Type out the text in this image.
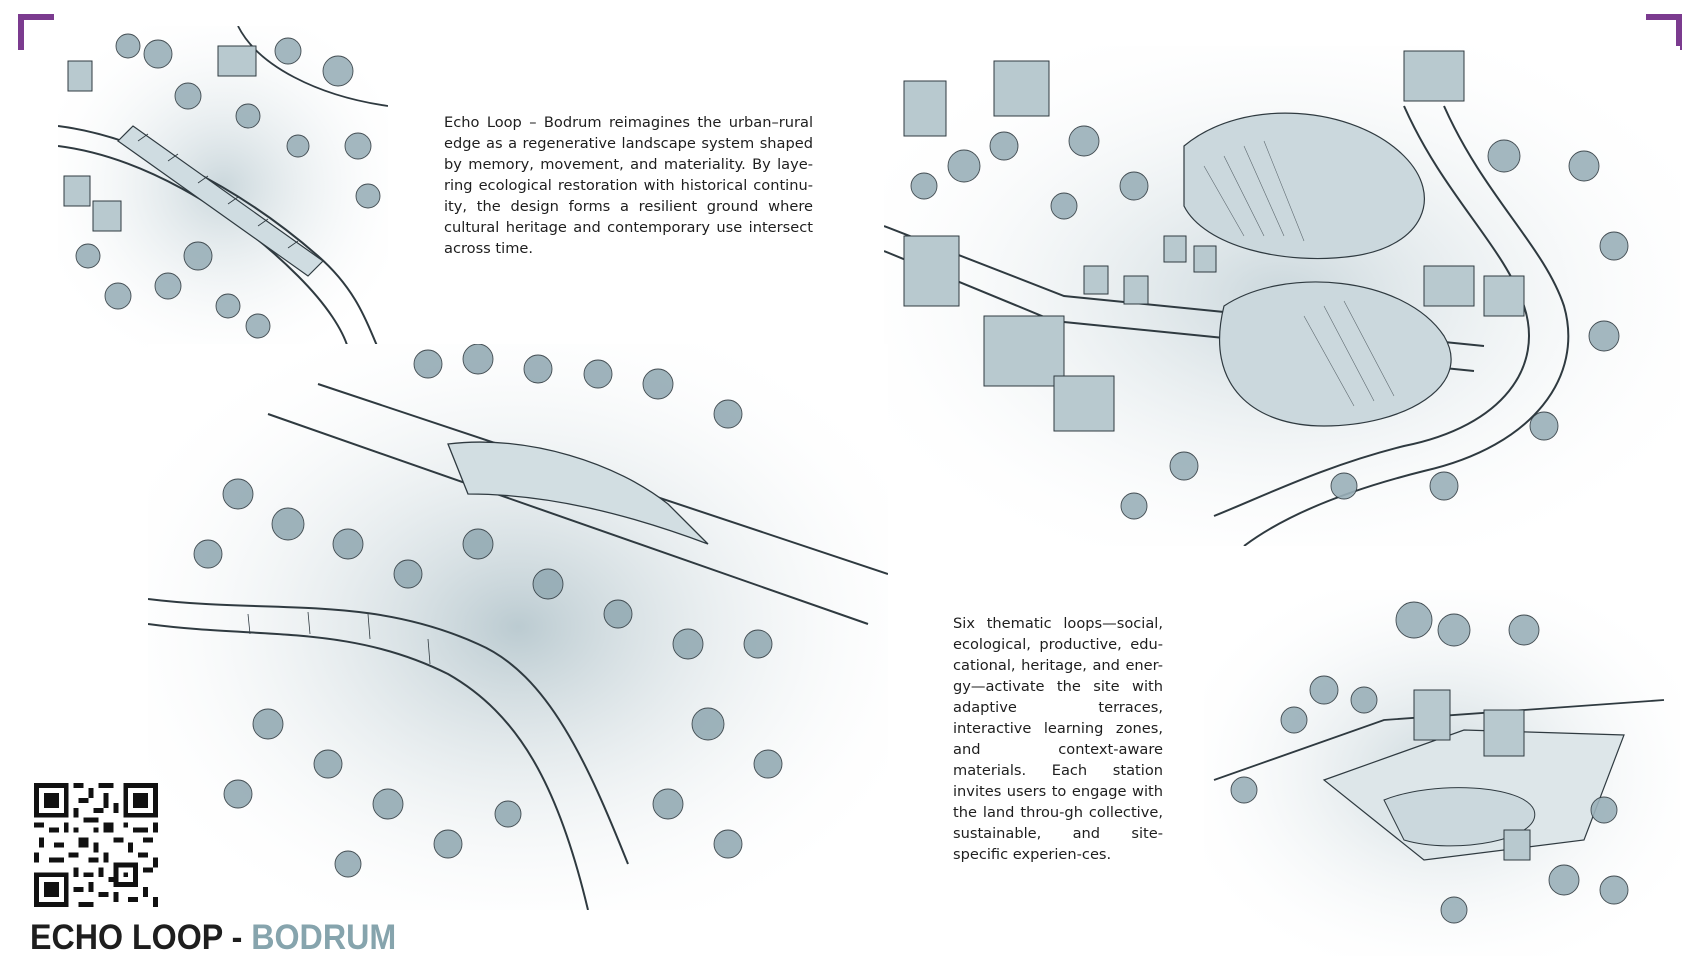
Echo Loop – Bodrum reimagines the urban–rural edge as a regenerative landscape system shaped by memory, movement, and materiality. By laye-ring ecological restoration with historical continu-ity, the design forms a resilient ground where cultural heritage and contemporary use intersect across time.

Six thematic loops—social, ecological, productive, edu-cational, heritage, and ener-gy—activate the site with adaptive terraces, interactive learning zones, and context-aware materials. Each station invites users to engage with the land throu-gh collective, sustainable, and site-specific experien-ces.

ECHO LOOP - BODRUM
